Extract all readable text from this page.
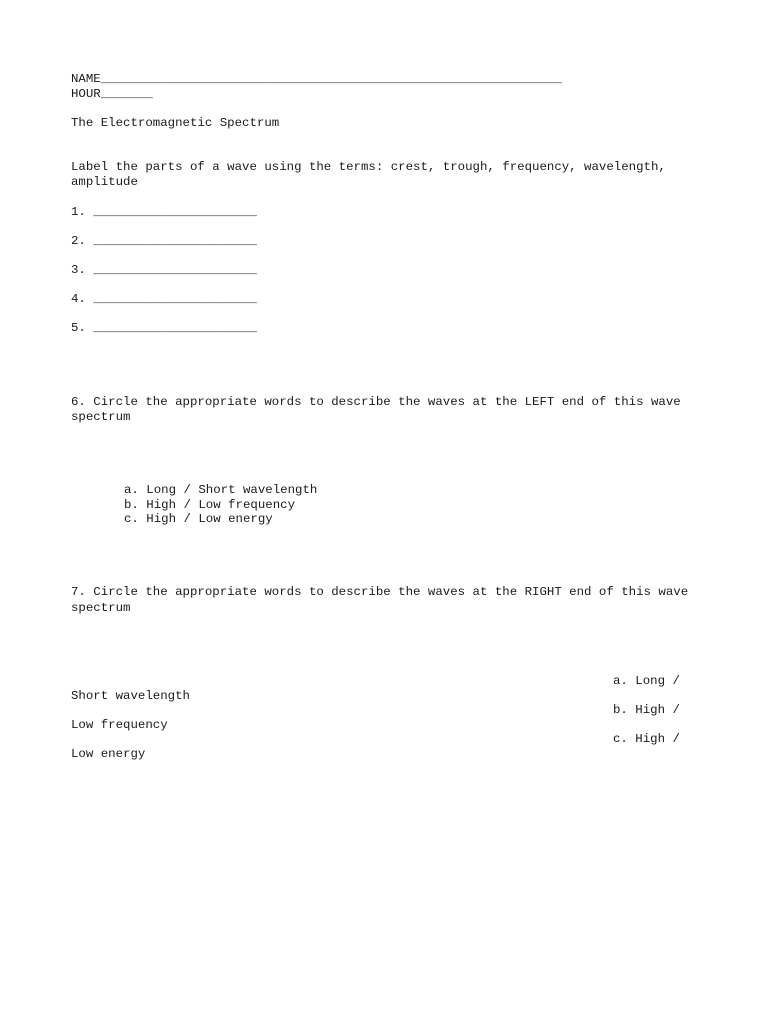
NAME______________________________________________________________
HOUR_______
The Electromagnetic Spectrum
Label the parts of a wave using the terms: crest, trough, frequency, wavelength,
amplitude
1. ______________________
2. ______________________
3. ______________________
4. ______________________
5. ______________________
6. Circle the appropriate words to describe the waves at the LEFT end of this wave
spectrum
a. Long / Short wavelength
b. High / Low frequency
c. High / Low energy
7. Circle the appropriate words to describe the waves at the RIGHT end of this wave
spectrum
a. Long /
Short wavelength
b. High /
Low frequency
c. High /
Low energy
